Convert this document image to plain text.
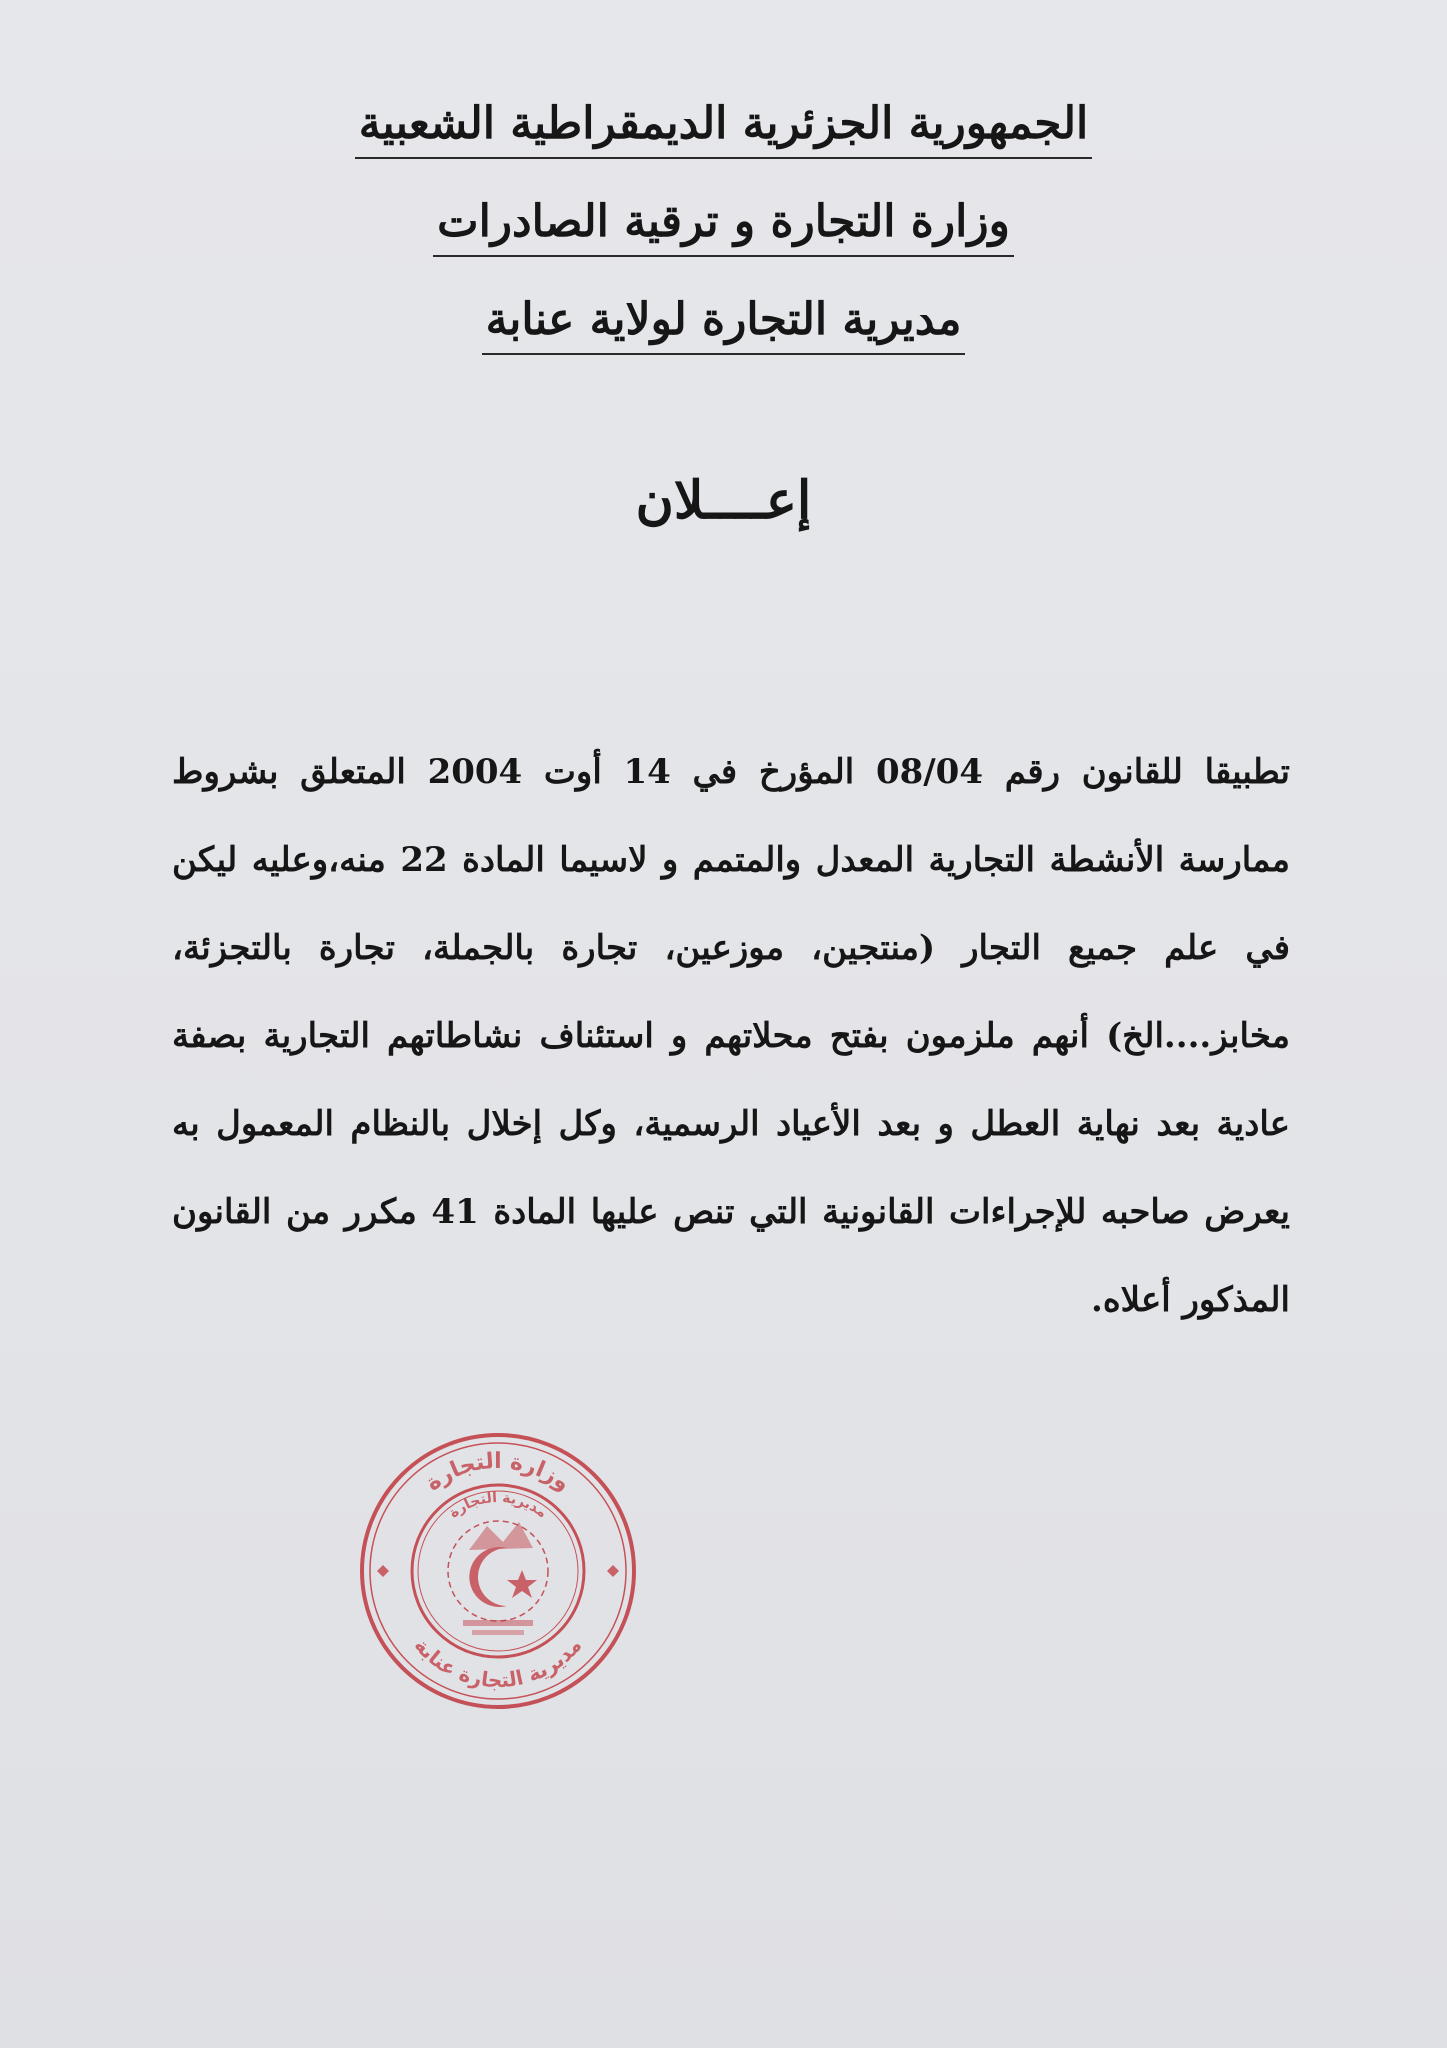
الجمهورية الجزئرية الديمقراطية الشعبية
وزارة التجارة و ترقية الصادرات
مديرية التجارة لولاية عنابة
إعــــلان
تطبيقا للقانون رقم 08/04 المؤرخ في 14 أوت 2004 المتعلق بشروط ممارسة الأنشطة التجارية المعدل والمتمم و لاسيما المادة 22 منه،وعليه ليكن في علم جميع التجار (منتجين، موزعين، تجارة بالجملة، تجارة بالتجزئة، مخابز....الخ) أنهم ملزمون بفتح محلاتهم و استئناف نشاطاتهم التجارية بصفة عادية بعد نهاية العطل و بعد الأعياد الرسمية، وكل إخلال بالنظام المعمول به يعرض صاحبه للإجراءات القانونية التي تنص عليها المادة 41 مكرر من القانون المذكور أعلاه.
وزارة التجارة
مديرية التجارة عنابة
مديرية التجارة
